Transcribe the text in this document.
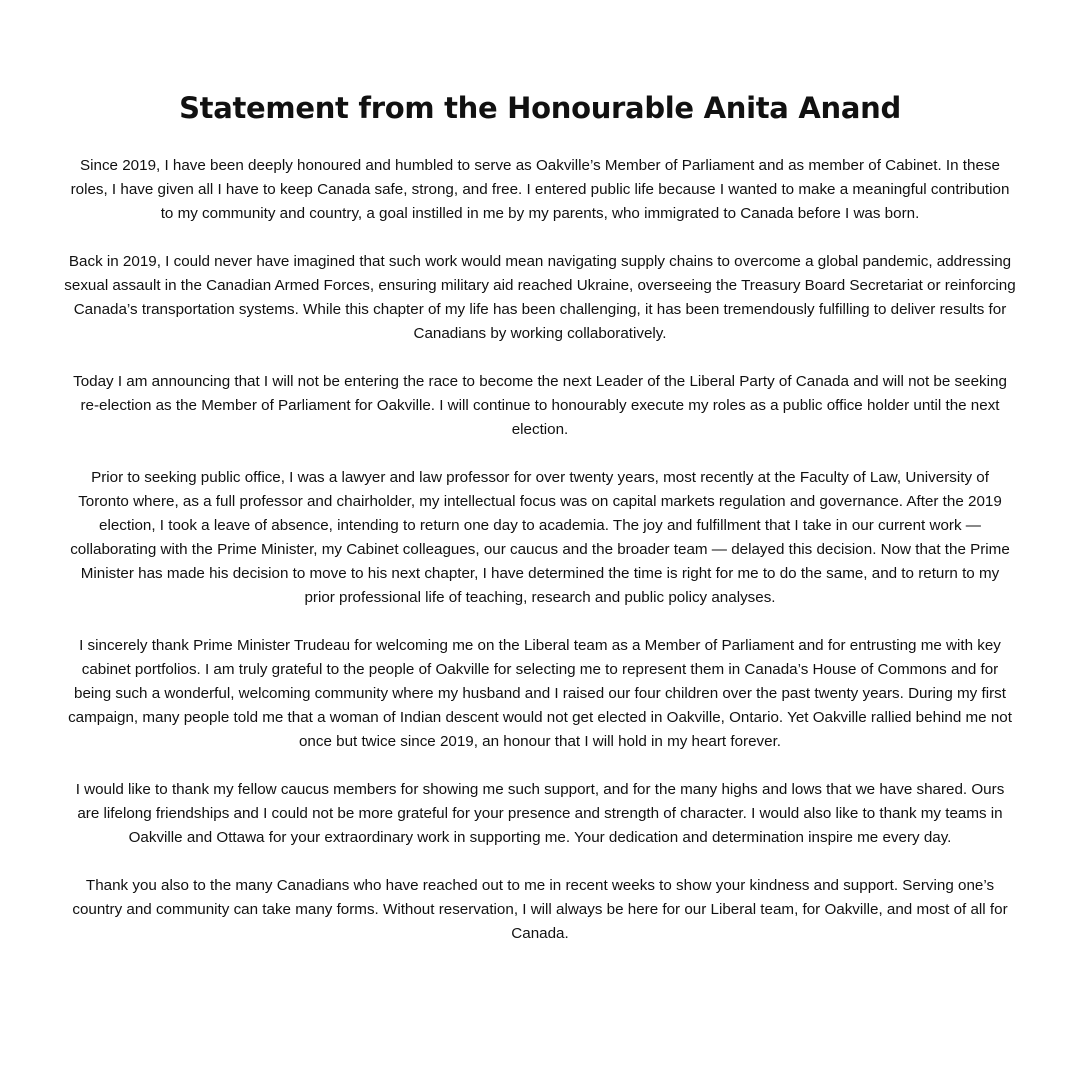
Statement from the Honourable Anita Anand

Since 2019, I have been deeply honoured and humbled to serve as Oakville’s Member of Parliament and as member of Cabinet. In these roles, I have given all I have to keep Canada safe, strong, and free. I entered public life because I wanted to make a meaningful contribution to my community and country, a goal instilled in me by my parents, who immigrated to Canada before I was born.

Back in 2019, I could never have imagined that such work would mean navigating supply chains to overcome a global pandemic, addressing sexual assault in the Canadian Armed Forces, ensuring military aid reached Ukraine, overseeing the Treasury Board Secretariat or reinforcing Canada’s transportation systems. While this chapter of my life has been challenging, it has been tremendously fulfilling to deliver results for Canadians by working collaboratively.

Today I am announcing that I will not be entering the race to become the next Leader of the Liberal Party of Canada and will not be seeking re-election as the Member of Parliament for Oakville. I will continue to honourably execute my roles as a public office holder until the next election.

Prior to seeking public office, I was a lawyer and law professor for over twenty years, most recently at the Faculty of Law, University of Toronto where, as a full professor and chairholder, my intellectual focus was on capital markets regulation and governance. After the 2019 election, I took a leave of absence, intending to return one day to academia. The joy and fulfillment that I take in our current work — collaborating with the Prime Minister, my Cabinet colleagues, our caucus and the broader team — delayed this decision. Now that the Prime Minister has made his decision to move to his next chapter, I have determined the time is right for me to do the same, and to return to my prior professional life of teaching, research and public policy analyses.

I sincerely thank Prime Minister Trudeau for welcoming me on the Liberal team as a Member of Parliament and for entrusting me with key cabinet portfolios. I am truly grateful to the people of Oakville for selecting me to represent them in Canada’s House of Commons and for being such a wonderful, welcoming community where my husband and I raised our four children over the past twenty years. During my first campaign, many people told me that a woman of Indian descent would not get elected in Oakville, Ontario. Yet Oakville rallied behind me not once but twice since 2019, an honour that I will hold in my heart forever.

I would like to thank my fellow caucus members for showing me such support, and for the many highs and lows that we have shared. Ours are lifelong friendships and I could not be more grateful for your presence and strength of character. I would also like to thank my teams in Oakville and Ottawa for your extraordinary work in supporting me. Your dedication and determination inspire me every day.

Thank you also to the many Canadians who have reached out to me in recent weeks to show your kindness and support. Serving one’s country and community can take many forms. Without reservation, I will always be here for our Liberal team, for Oakville, and most of all for Canada.
